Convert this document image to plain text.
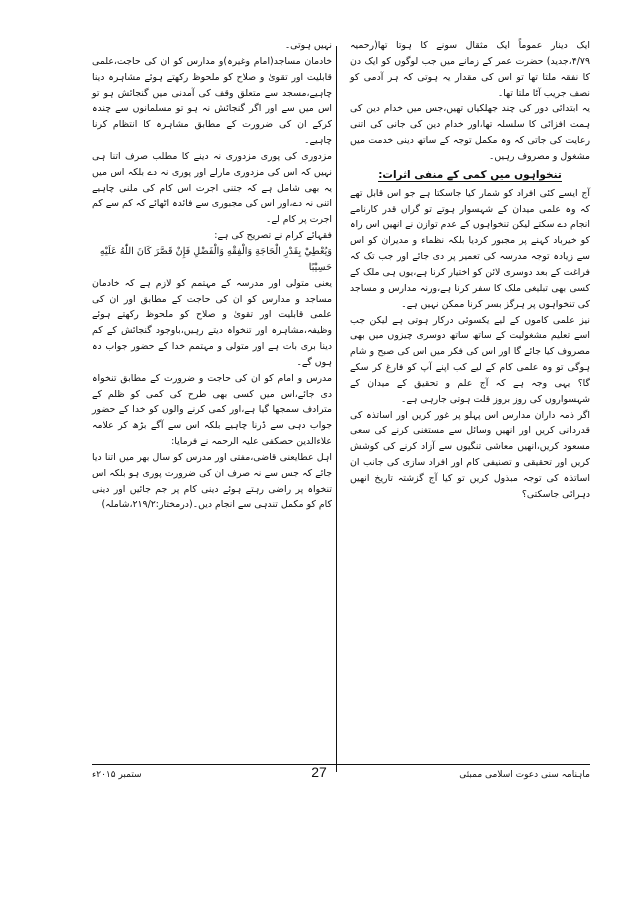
ایک دینار عموماً ایک مثقال سونے کا ہوتا تھا(رحمیہ ۴/۷۹،جدید) حضرت عمر کے زمانے میں جب لوگوں کو ایک دن کا نفقہ ملتا تھا تو اس کی مقدار یہ ہوتی کہ ہر آدمی کو نصف جریب آٹا ملتا تھا۔

یہ ابتدائی دور کی چند جھلکیاں تھیں،جس میں خدام دین کی ہمت افزائی کا سلسلہ تھا،اور خدام دین کی جانی کی اتنی رعایت کی جاتی کہ وہ مکمل توجہ کے ساتھ دینی خدمت میں مشغول و مصروف رہیں۔

تنخواہوں میں کمی کے منفی اثرات:

آج ایسے کئی افراد کو شمار کیا جاسکتا ہے جو اس قابل تھے کہ وہ علمی میدان کے شہسوار ہوتے تو گراں قدر کارنامے انجام دے سکتے لیکن تنخواہوں کے عدم توازن نے انھیں اس راہ کو خیرباد کہنے پر مجبور کردیا بلکہ نظماء و مدیران کو اس سے زیادہ توجہ مدرسہ کی تعمیر پر دی جائے اور جب تک کہ فراغت کے بعد دوسری لائن کو اختیار کرنا ہے،یوں ہی ملک کے کسی بھی تبلیغی ملک کا سفر کرنا ہے،ورنہ مدارس و مساجد کی تنخواہوں پر ہرگز بسر کرنا ممکن نہیں ہے۔

نیز علمی کاموں کے لیے یکسوئی درکار ہوتی ہے لیکن جب اسے تعلیم مشغولیت کے ساتھ ساتھ دوسری چیزوں میں بھی مصروف کیا جائے گا اور اس کی فکر میں اس کی صبح و شام ہوگی تو وہ علمی کام کے لیے کب اپنے آپ کو فارغ کر سکے گا؟ یہی وجہ ہے کہ آج علم و تحقیق کے میدان کے شہسواروں کی روز بروز قلت ہوتی جارہی ہے۔

اگر ذمہ داران مدارس اس پہلو پر غور کریں اور اساتذہ کی قدردانی کریں اور انھیں وسائل سے مستغنی کرنے کی سعی مسعود کریں،انھیں معاشی تنگیوں سے آزاد کرنے کی کوشش کریں اور تحقیقی و تصنیفی کام اور افراد سازی کی جانب ان اساتذہ کی توجہ مبذول کریں تو کیا آج گزشتہ تاریخ انھیں دہرائی جاسکتی؟

نہیں ہوتی۔

خادمان مساجد(امام وغیرہ)و مدارس کو ان کی حاجت،علمی قابلیت اور تقویٰ و صلاح کو ملحوظ رکھتے ہوئے مشاہرہ دینا چاہیے،مسجد سے متعلق وقف کی آمدنی میں گنجائش ہو تو اس میں سے اور اگر گنجائش نہ ہو تو مسلمانوں سے چندہ کرکے ان کی ضرورت کے مطابق مشاہرہ کا انتظام کرنا چاہیے۔

مزدوری کی پوری مزدوری نہ دینے کا مطلب صرف اتنا ہی نہیں کہ اس کی مزدوری مارلے اور پوری نہ دے بلکہ اس میں یہ بھی شامل ہے کہ جتنی اجرت اس کام کی ملنی چاہیے اتنی نہ دے،اور اس کی مجبوری سے فائدہ اٹھائے کہ کم سے کم اجرت پر کام لے۔

فقہائے کرام نے تصریح کی ہے:

وَيُعْطِيْ بِقَدْرِ الْحَاجَةِ وَالْفِقْهِ وَالْفَضْلِ فَإِنْ قَصَّرَ كَانَ اللّٰهُ عَلَيْهِ حَسِيْبًا

یعنی متولی اور مدرسہ کے مہتمم کو لازم ہے کہ خادمان مساجد و مدارس کو ان کی حاجت کے مطابق اور ان کی علمی قابلیت اور تقویٰ و صلاح کو ملحوظ رکھتے ہوئے وظیفہ،مشاہرہ اور تنخواہ دیتے رہیں،باوجود گنجائش کے کم دینا بری بات ہے اور متولی و مہتمم خدا کے حضور جواب دہ ہوں گے۔

مدرس و امام کو ان کی حاجت و ضرورت کے مطابق تنخواہ دی جائے،اس میں کسی بھی طرح کی کمی کو ظلم کے مترادف سمجھا گیا ہے،اور کمی کرنے والوں کو خدا کے حضور جواب دہی سے ڈرنا چاہیے بلکہ اس سے آگے بڑھ کر علامہ علاءالدین حصکفی علیہ الرحمہ نے فرمایا:

اہل عطایعنی قاضی،مفتی اور مدرس کو سال بھر میں اتنا دیا جائے کہ جس سے نہ صرف ان کی ضرورت پوری ہو بلکہ اس تنخواہ پر راضی رہتے ہوئے دینی کام پر جم جائیں اور دینی کام کو مکمل تندہی سے انجام دیں۔(درمختار:۲۱۹/۲،شاملہ)

ماہنامہ سنی دعوت اسلامی ممبئی
27
ستمبر ۲۰۱۵ء
